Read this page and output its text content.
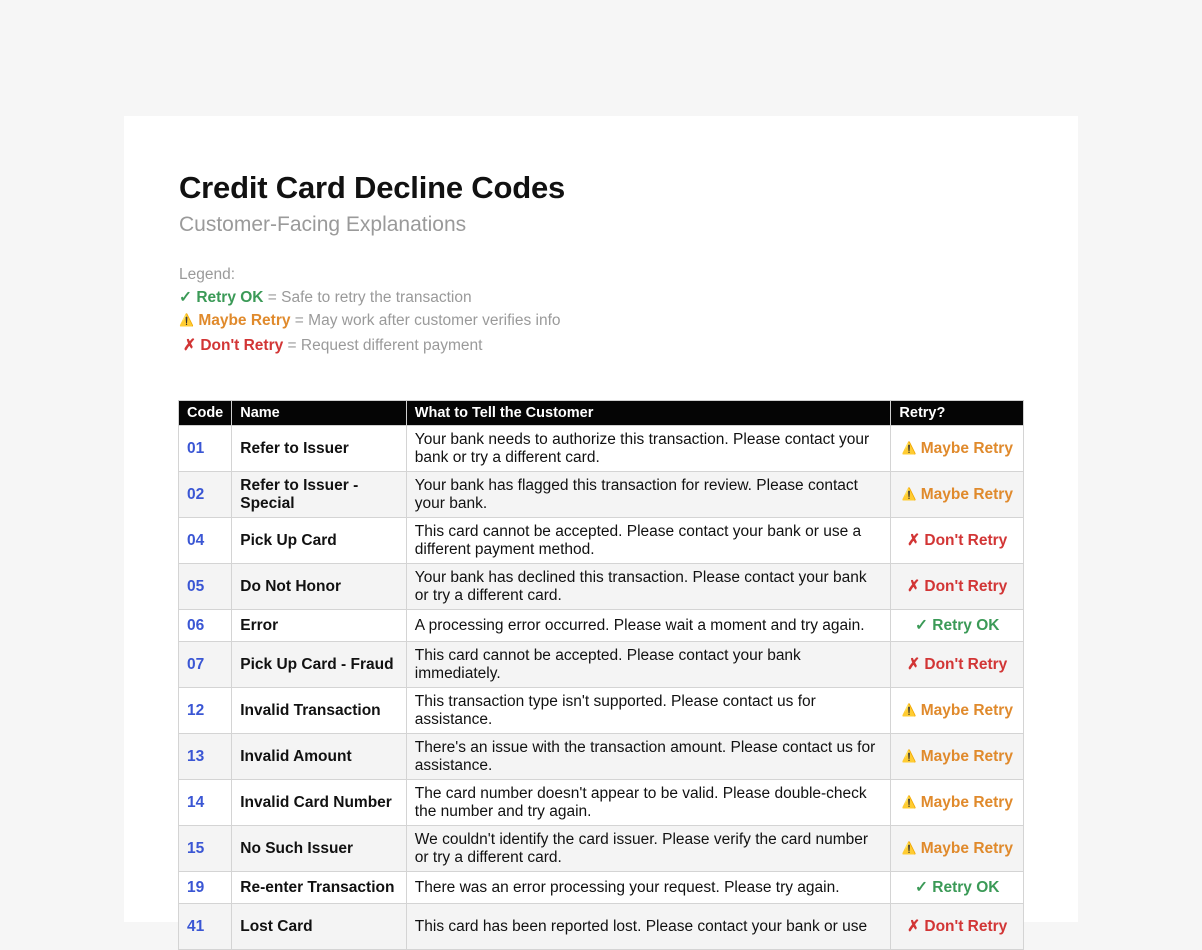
Credit Card Decline Codes
Customer-Facing Explanations
Legend:
✓ Retry OK = Safe to retry the transaction
⚠️ Maybe Retry = May work after customer verifies info
✗ Don't Retry = Request different payment
Code	Name	What to Tell the Customer	Retry?
01	Refer to Issuer	Your bank needs to authorize this transaction. Please contact your bank or try a different card.	⚠️ Maybe Retry
02	Refer to Issuer - Special	Your bank has flagged this transaction for review. Please contact your bank.	⚠️ Maybe Retry
04	Pick Up Card	This card cannot be accepted. Please contact your bank or use a different payment method.	✗ Don't Retry
05	Do Not Honor	Your bank has declined this transaction. Please contact your bank or try a different card.	✗ Don't Retry
06	Error	A processing error occurred. Please wait a moment and try again.	✓ Retry OK
07	Pick Up Card - Fraud	This card cannot be accepted. Please contact your bank immediately.	✗ Don't Retry
12	Invalid Transaction	This transaction type isn't supported. Please contact us for assistance.	⚠️ Maybe Retry
13	Invalid Amount	There's an issue with the transaction amount. Please contact us for assistance.	⚠️ Maybe Retry
14	Invalid Card Number	The card number doesn't appear to be valid. Please double-check the number and try again.	⚠️ Maybe Retry
15	No Such Issuer	We couldn't identify the card issuer. Please verify the card number or try a different card.	⚠️ Maybe Retry
19	Re-enter Transaction	There was an error processing your request. Please try again.	✓ Retry OK
41	Lost Card	This card has been reported lost. Please contact your bank or use	✗ Don't Retry
